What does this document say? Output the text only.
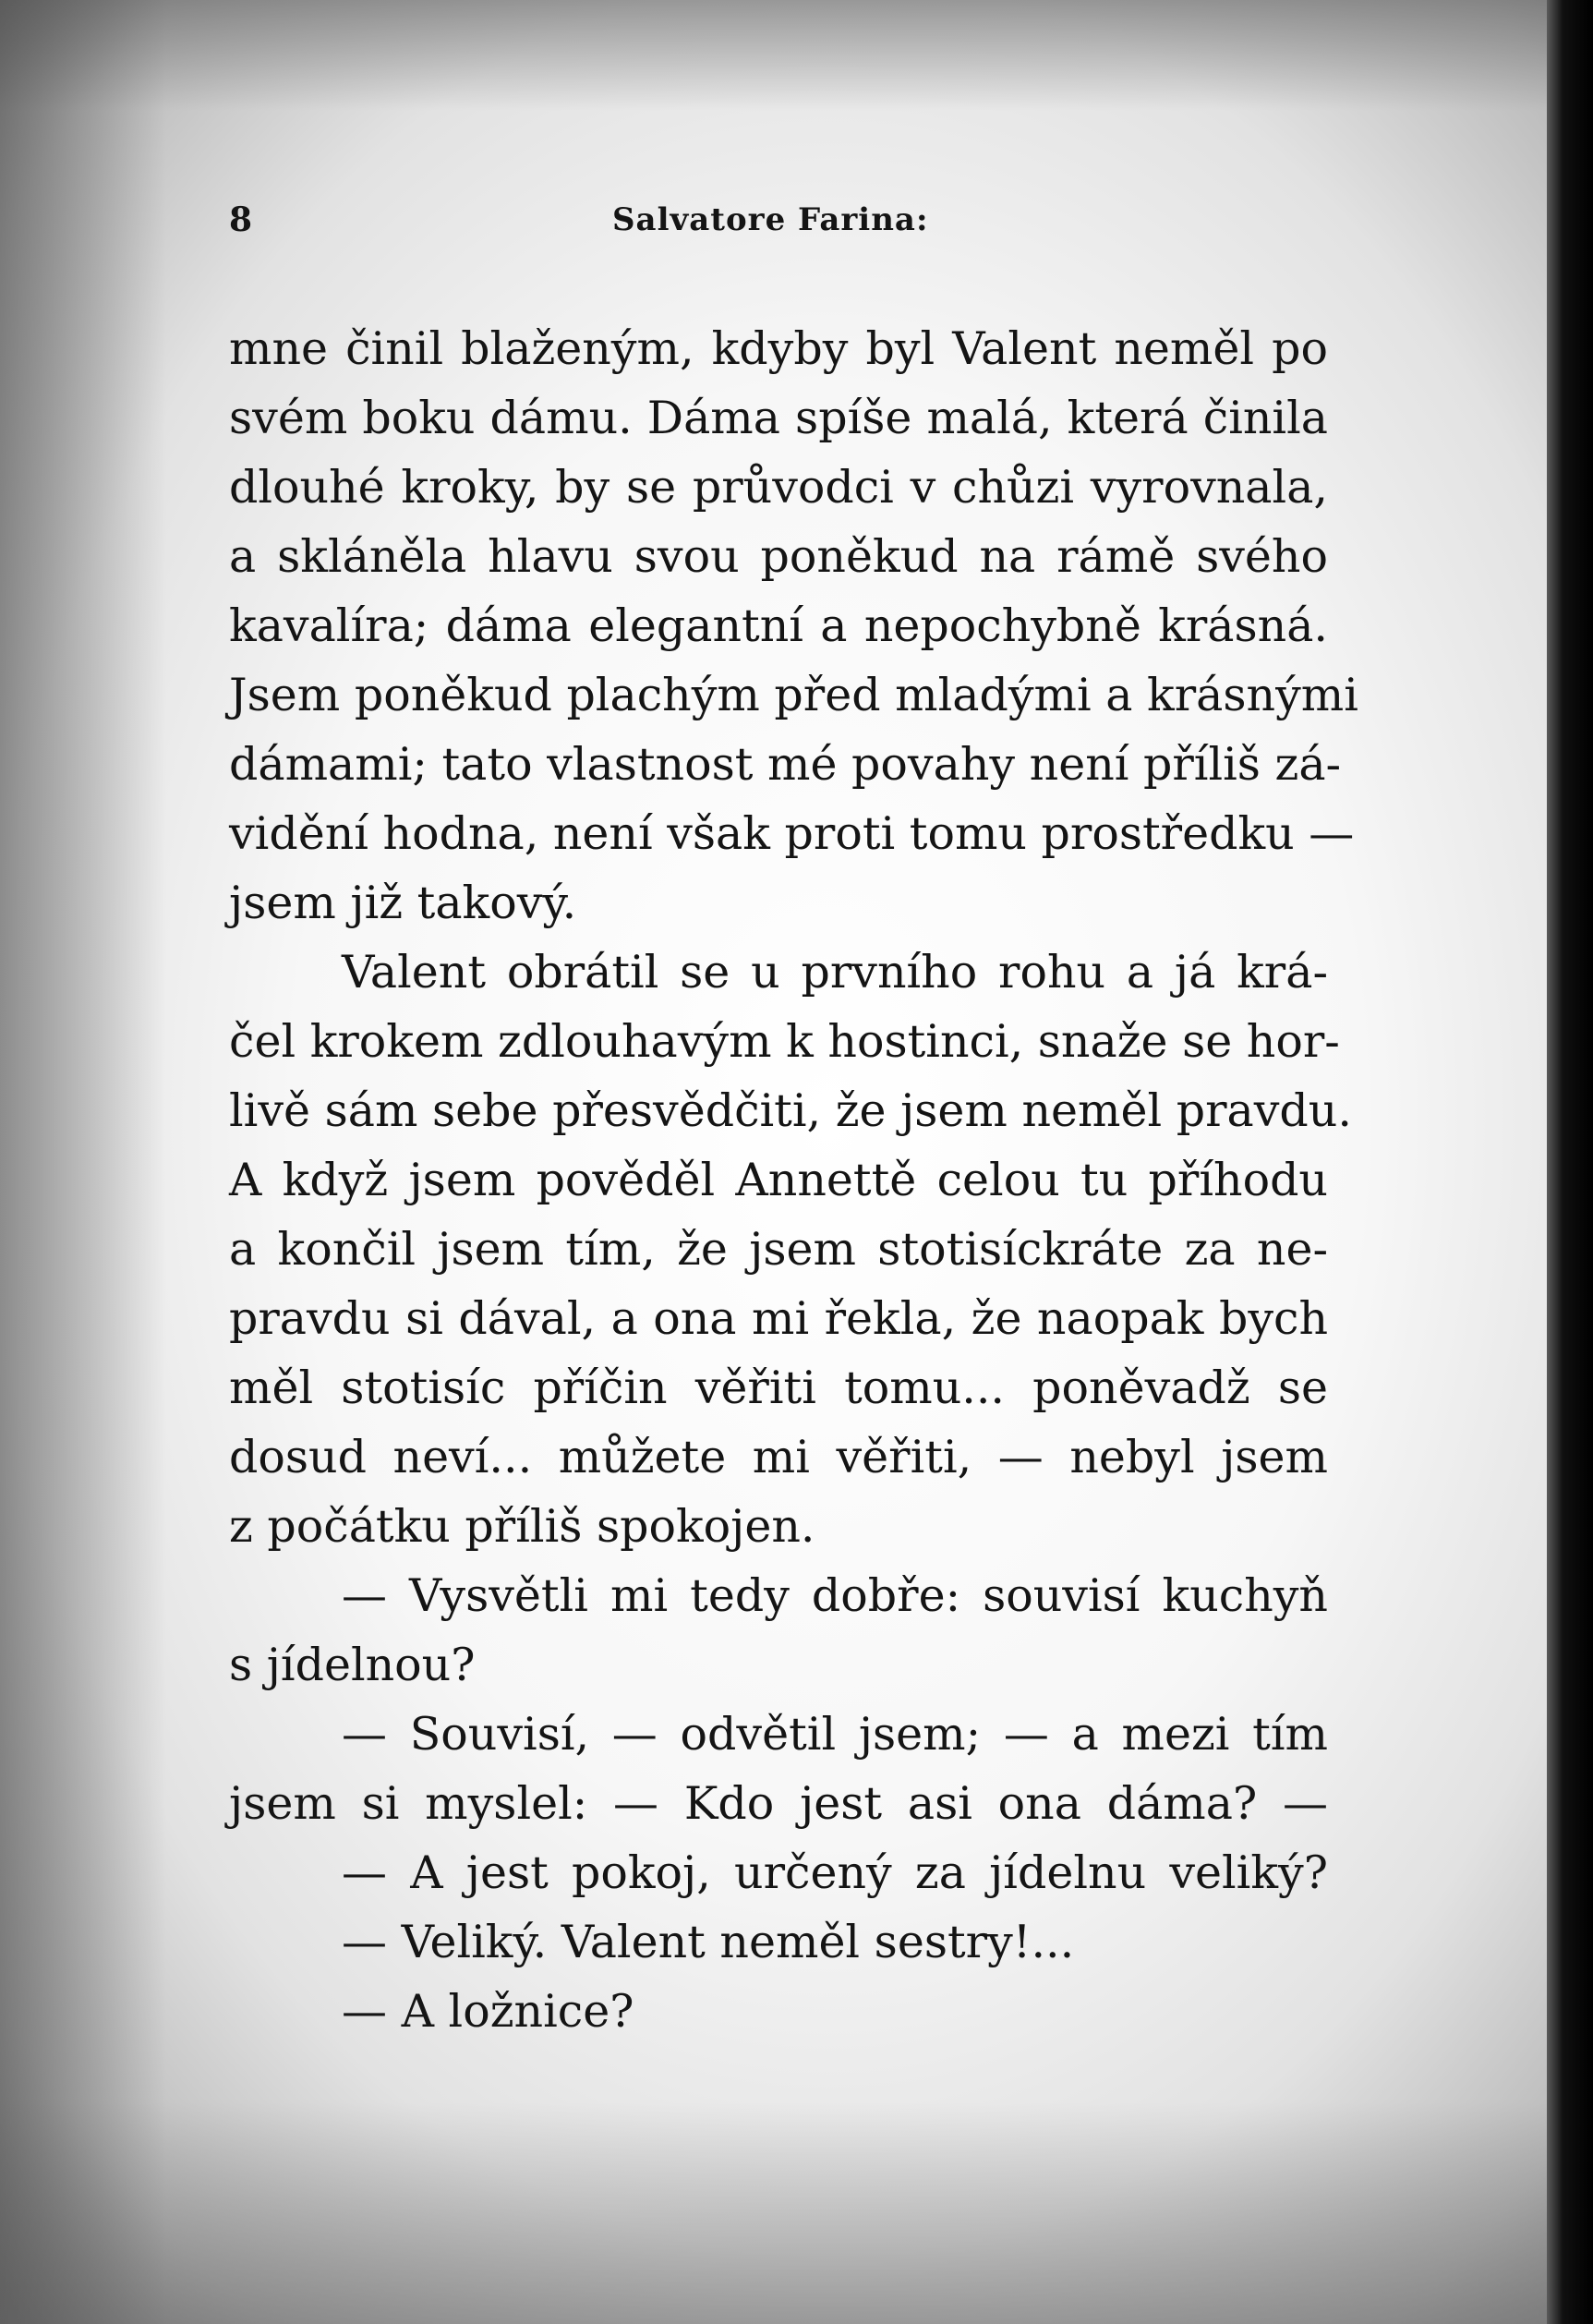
8	Salvatore Farina:
mne činil blaženým, kdyby byl Valent neměl po
svém boku dámu. Dáma spíše malá, která činila
dlouhé kroky, by se průvodci v chůzi vyrovnala,
a skláněla hlavu svou poněkud na rámě svého
kavalíra; dáma elegantní a nepochybně krásná.
Jsem poněkud plachým před mladými a krásnými
dámami; tato vlastnost mé povahy není příliš zá-
vidění hodna, není však proti tomu prostředku —
jsem již takový.
Valent obrátil se u prvního rohu a já krá-
čel krokem zdlouhavým k hostinci, snaže se hor-
livě sám sebe přesvědčiti, že jsem neměl pravdu.
A když jsem pověděl Annettě celou tu příhodu
a končil jsem tím, že jsem stotisíckráte za ne-
pravdu si dával, a ona mi řekla, že naopak bych
měl stotisíc příčin věřiti tomu... poněvadž se
dosud neví... můžete mi věřiti, — nebyl jsem
z počátku příliš spokojen.
— Vysvětli mi tedy dobře: souvisí kuchyň
s jídelnou?
— Souvisí, — odvětil jsem; — a mezi tím
jsem si myslel: — Kdo jest asi ona dáma? —
— A jest pokoj, určený za jídelnu veliký?
— Veliký. Valent neměl sestry!...
— A ložnice?
